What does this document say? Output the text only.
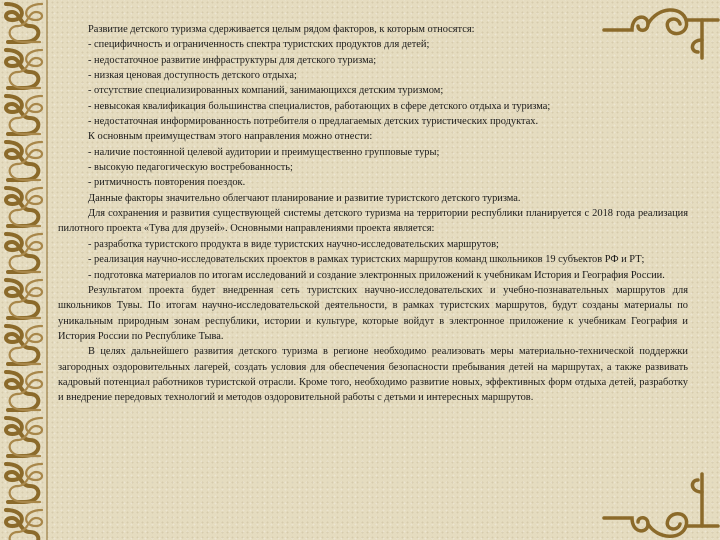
Развитие детского туризма сдерживается целым рядом факторов, к которым относятся:

- специфичность и ограниченность спектра туристских продуктов для детей;

- недостаточное развитие инфраструктуры для детского туризма;

- низкая ценовая доступность детского отдыха;

- отсутствие специализированных компаний, занимающихся детским туризмом;

- невысокая квалификация большинства специалистов, работающих в сфере детского отдыха и туризма;

- недостаточная информированность потребителя о предлагаемых детских туристических продуктах.

К основным преимуществам этого направления можно отнести:

- наличие постоянной целевой аудитории и преимущественно групповые туры;

- высокую педагогическую востребованность;

- ритмичность повторения поездок.

Данные факторы значительно облегчают планирование и развитие туристского детского туризма.

Для сохранения и развития существующей системы детского туризма на территории республики планируется с 2018 года реализация пилотного проекта «Тува для друзей». Основными направлениями проекта является:

- разработка туристского продукта в виде туристских научно-исследовательских маршрутов;

- реализация научно-исследовательских проектов в рамках туристских маршрутов команд школьников 19 субъектов РФ и РТ;

- подготовка материалов по итогам исследований и создание электронных приложений к учебникам История и География России.

Результатом проекта будет внедренная сеть туристских научно-исследовательских и учебно-познавательных маршрутов для школьников Тувы. По итогам научно-исследовательской деятельности, в рамках туристских маршрутов, будут созданы материалы по уникальным природным зонам республики, истории и культуре, которые войдут в электронное приложение к учебникам География и История России по Республике Тыва.

В целях дальнейшего развития детского туризма в регионе необходимо реализовать меры материально-технической поддержки загородных оздоровительных лагерей, создать условия для обеспечения безопасности пребывания детей на маршрутах, а также развивать кадровый потенциал работников туристской отрасли. Кроме того, необходимо развитие новых, эффективных форм отдыха детей, разработку и внедрение передовых технологий и методов оздоровительной работы с детьми и интересных маршрутов.
